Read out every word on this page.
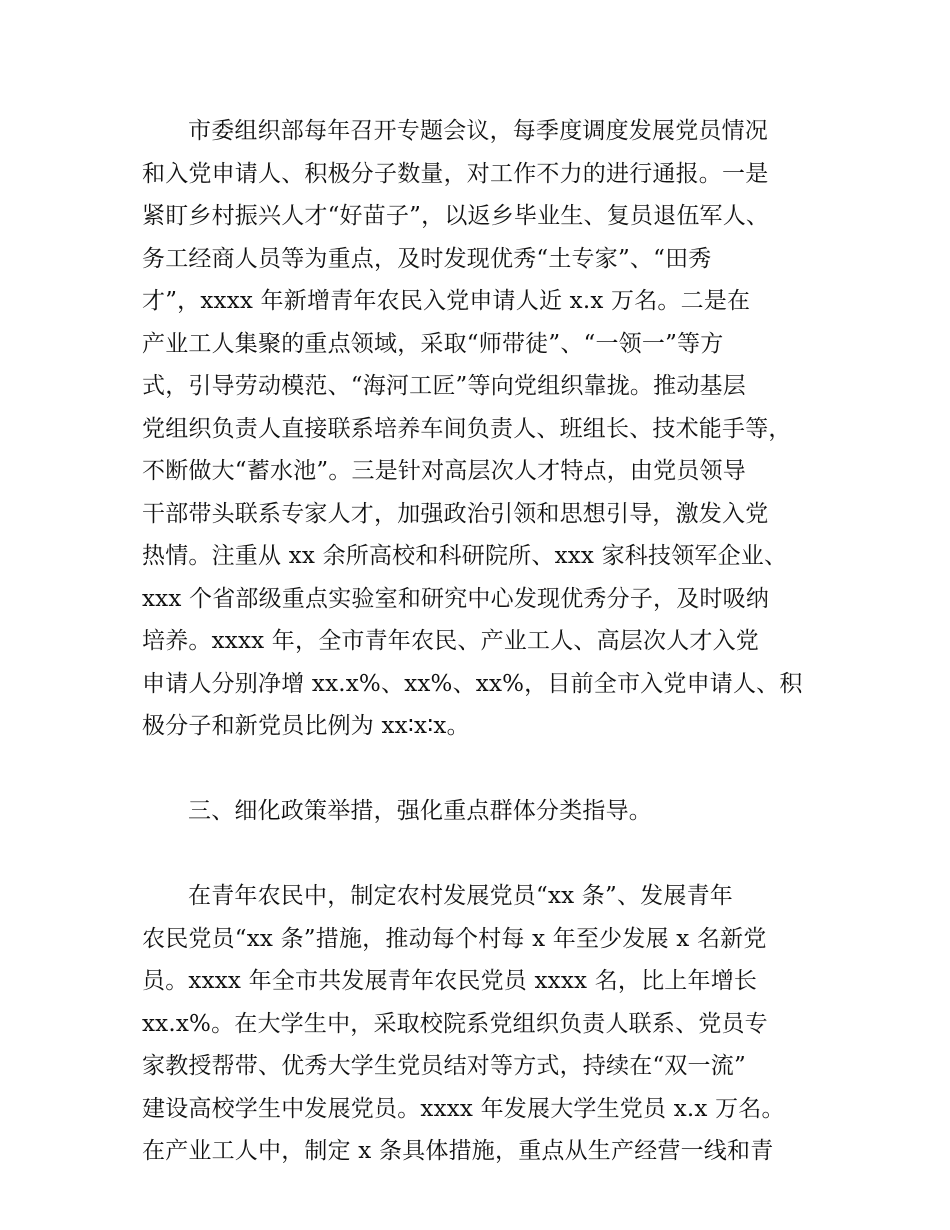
市委组织部每年召开专题会议，每季度调度发展党员情况
和入党申请人、积极分子数量，对工作不力的进行通报。一是
紧盯乡村振兴人才“好苗子”，以返乡毕业生、复员退伍军人、
务工经商人员等为重点，及时发现优秀“土专家”、“田秀
才”，xxxx 年新增青年农民入党申请人近 x.x 万名。二是在
产业工人集聚的重点领域，采取“师带徒”、“一领一”等方
式，引导劳动模范、“海河工匠”等向党组织靠拢。推动基层
党组织负责人直接联系培养车间负责人、班组长、技术能手等，
不断做大“蓄水池”。三是针对高层次人才特点，由党员领导
干部带头联系专家人才，加强政治引领和思想引导，激发入党
热情。注重从 xx 余所高校和科研院所、xxx 家科技领军企业、
xxx 个省部级重点实验室和研究中心发现优秀分子，及时吸纳
培养。xxxx 年，全市青年农民、产业工人、高层次人才入党
申请人分别净增 xx.x%、xx%、xx%，目前全市入党申请人、积
极分子和新党员比例为 xx∶x∶x。
三、细化政策举措，强化重点群体分类指导。
在青年农民中，制定农村发展党员“xx 条”、发展青年
农民党员“xx 条”措施，推动每个村每 x 年至少发展 x 名新党
员。xxxx 年全市共发展青年农民党员 xxxx 名，比上年增长
xx.x%。在大学生中，采取校院系党组织负责人联系、党员专
家教授帮带、优秀大学生党员结对等方式，持续在“双一流”
建设高校学生中发展党员。xxxx 年发展大学生党员 x.x 万名。
在产业工人中，制定 x 条具体措施，重点从生产经营一线和青
